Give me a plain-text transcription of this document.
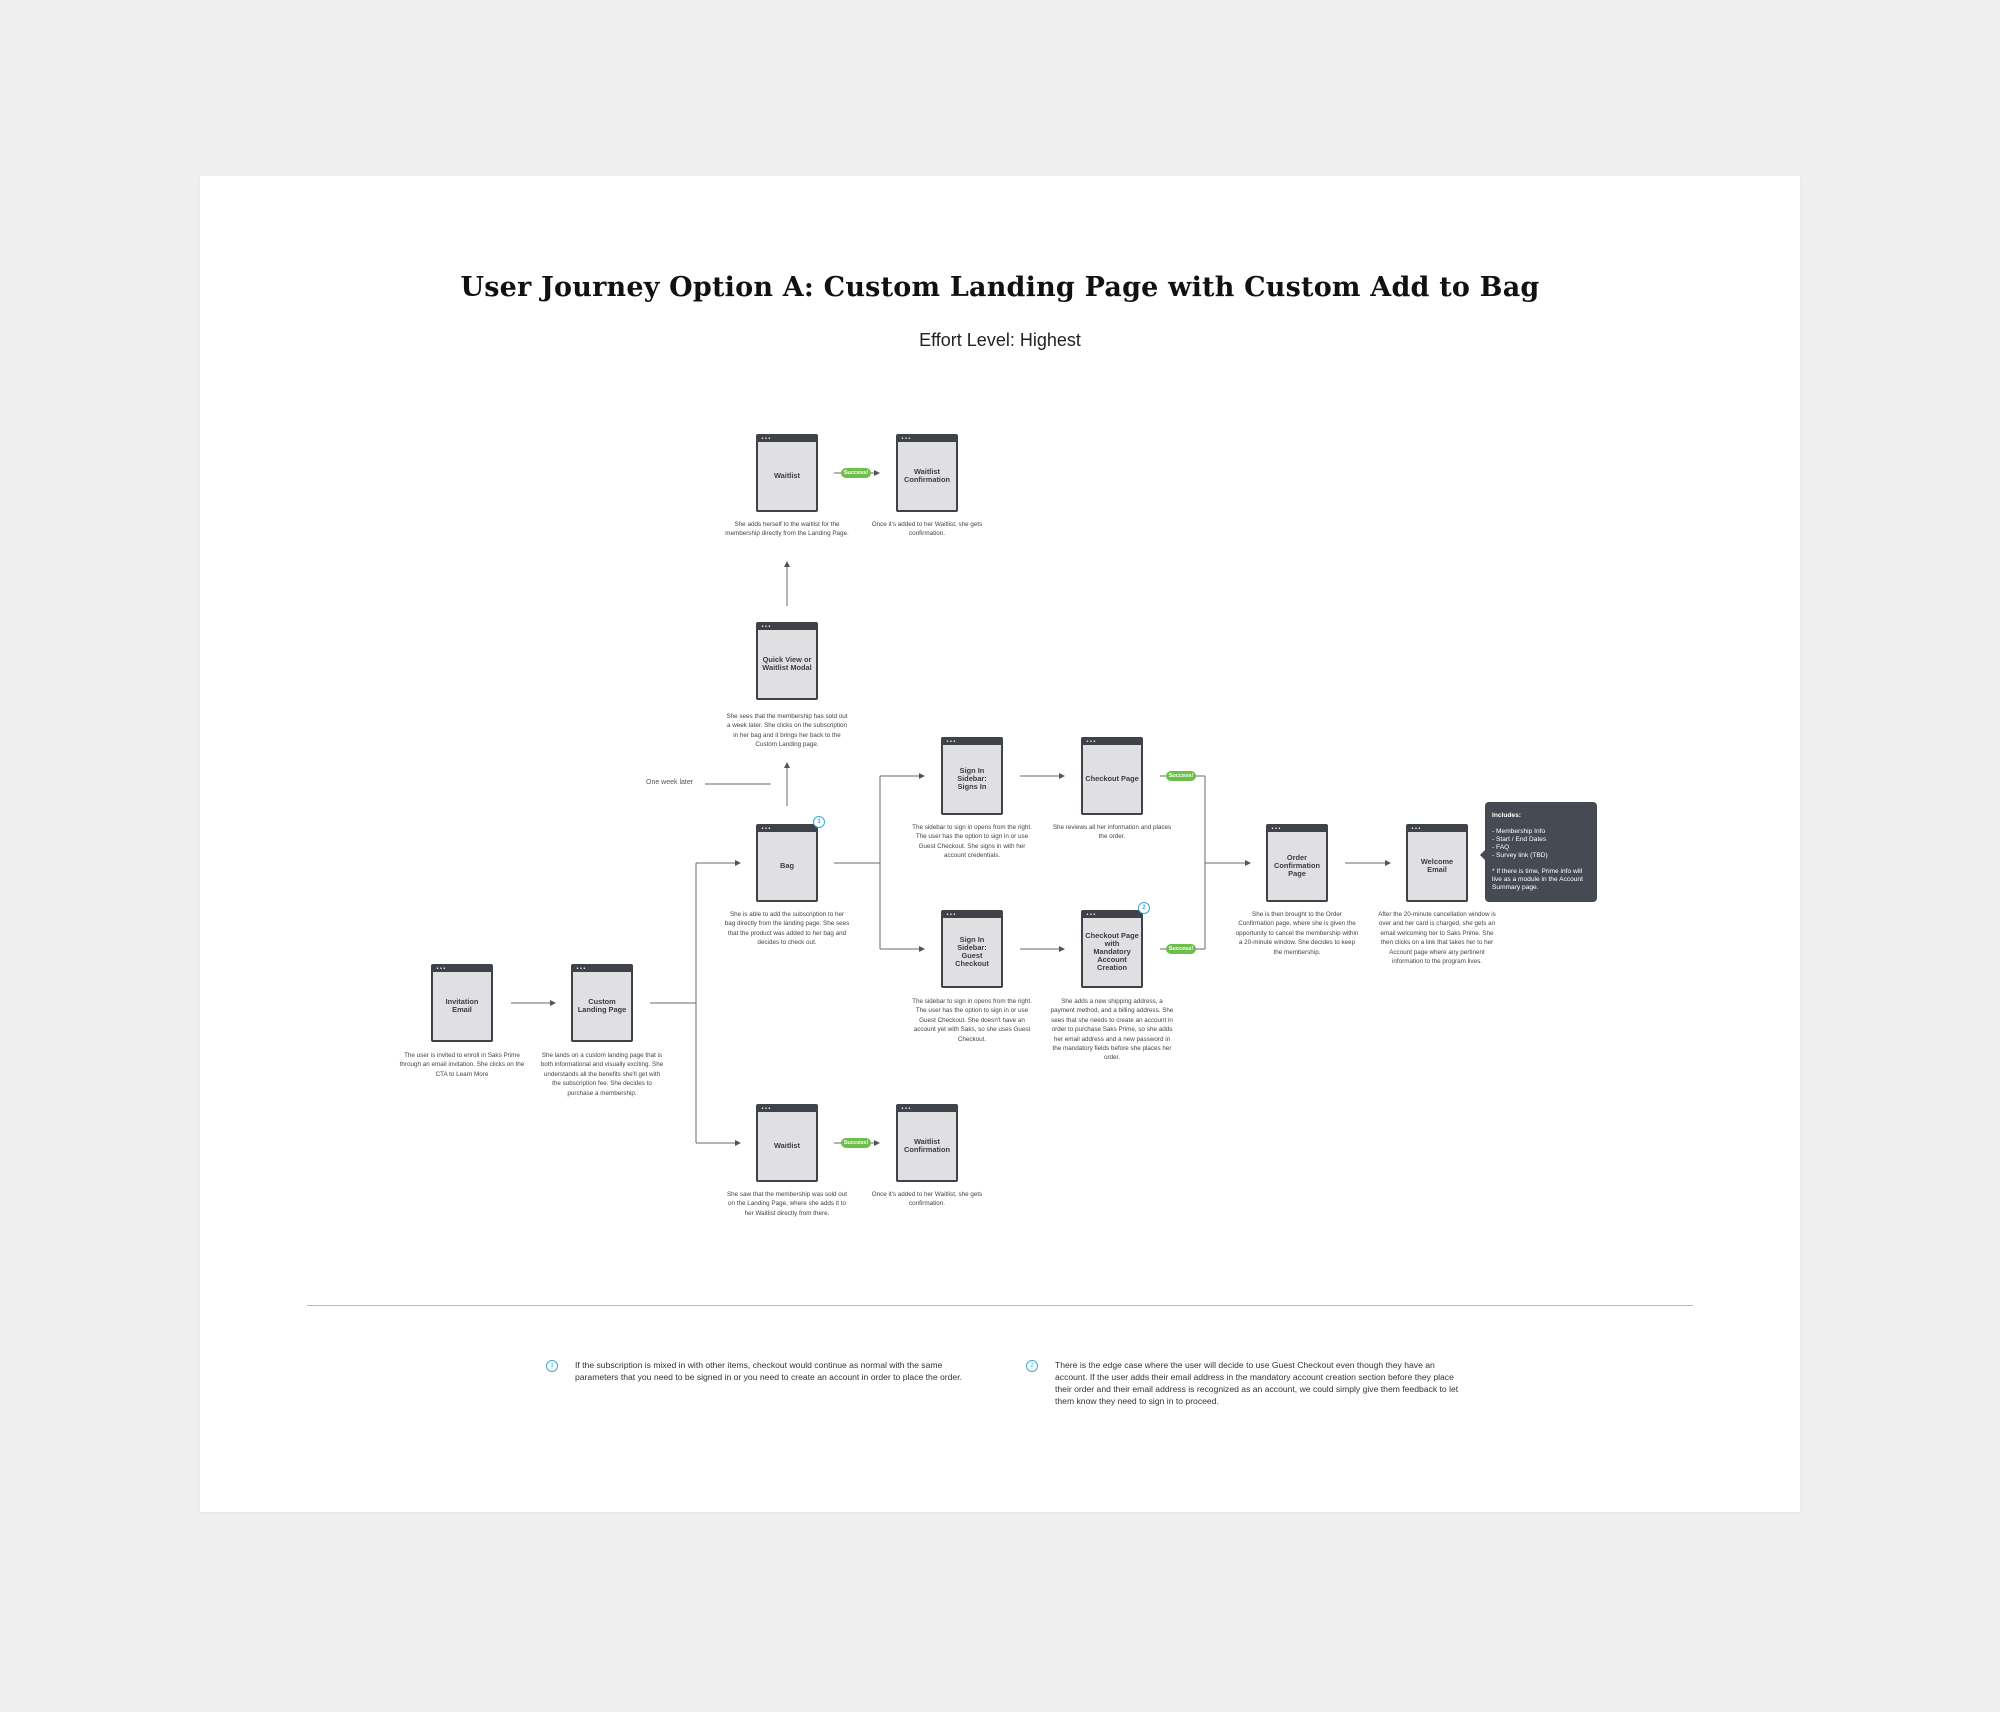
User Journey Option A: Custom Landing Page with Custom Add to Bag
Effort Level: Highest
•••
Invitation Email
•••
Custom
Landing Page
•••
Bag
•••
Quick View or
Waitlist Modal
•••
Waitlist
•••
Waitlist
Confirmation
•••
Sign In Sidebar:
Signs In
•••
Sign In Sidebar:
Guest Checkout
•••
Checkout Page
•••
Checkout Page
with Mandatory
Account
Creation
•••
Order
Confirmation
Page
•••
Welcome Email
•••
Waitlist
•••
Waitlist
Confirmation
The user is invited to enroll in Saks Prime through an email invitation. She clicks on the CTA to Learn More
She lands on a custom landing page that is both informational and visually exciting. She understands all the benefits she'll get with the subscription fee. She decides to purchase a membership.
She is able to add the subscription to her bag directly from the landing page. She sees that the product was added to her bag and decides to check out.
She sees that the membership has sold out a week later. She clicks on the subscription in her bag and it brings her back to the Custom Landing page.
She adds herself to the waitlist for the membership directly from the Landing Page.
Once it's added to her Waitlist, she gets confirmation.
The sidebar to sign in opens from the right. The user has the option to sign in or use Guest Checkout. She signs in with her account credentials.
The sidebar to sign in opens from the right. The user has the option to sign in or use Guest Checkout. She doesn't have an account yet with Saks, so she uses Guest Checkout.
She reviews all her information and places the order.
She adds a new shipping address, a payment method, and a billing address. She sees that she needs to create an account in order to purchase Saks Prime, so she adds her email address and a new password in the mandatory fields before she places her order.
She is then brought to the Order Confirmation page, where she is given the opportunity to cancel the membership within a 20-minute window. She decides to keep the membership.
After the 20-minute cancellation window is over and her card is charged, she gets an email welcoming her to Saks Prime. She then clicks on a link that takes her to her Account page where any pertinent information to the program lives.
She saw that the membership was sold out on the Landing Page, where she adds it to her Waitlist directly from there.
Once it's added to her Waitlist, she gets confirmation.
Success!
Success!
Success!
Success!
1
2
One week later
Includes:
- Membership Info
- Start / End Dates
- FAQ
- Survey link (TBD)
* If there is time, Prime info will live as a module in the Account Summary page.
1	If the subscription is mixed in with other items, checkout would continue as normal with the same parameters that you need to be signed in or you need to create an account in order to place the order.
2	There is the edge case where the user will decide to use Guest Checkout even though they have an account. If the user adds their email address in the mandatory account creation section before they place their order and their email address is recognized as an account, we could simply give them feedback to let them know they need to sign in to proceed.
